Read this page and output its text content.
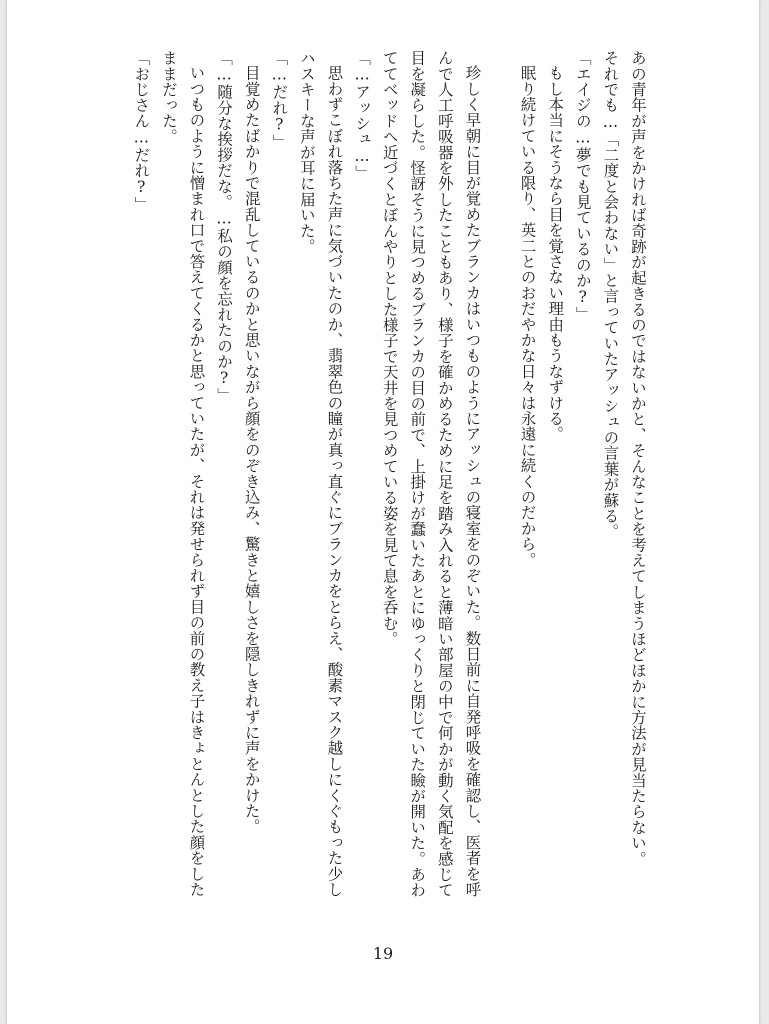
あの青年が声をかければ奇跡が起きるのではないかと、そんなことを考えてしまうほどほかに方法が見当たらない。

それでも…「二度と会わない」と言っていたアッシュの言葉が蘇る。

「エイジの…夢でも見ているのか?」

もし本当にそうなら目を覚さない理由もうなずける。

眠り続けている限り、英二とのおだやかな日々は永遠に続くのだから。

珍しく早朝に目が覚めたブランカはいつものようにアッシュの寝室をのぞいた。数日前に自発呼吸を確認し、医者を呼んで人工呼吸器を外したこともあり、様子を確かめるために足を踏み入れると薄暗い部屋の中で何かが動く気配を感じて目を凝らした。怪訝そうに見つめるブランカの目の前で、上掛けが蠢いたあとにゆっくりと閉じていた瞼が開いた。あわててベッドへ近づくとぼんやりとした様子で天井を見つめている姿を見て息を呑む。

「…アッシュ…」

思わずこぼれ落ちた声に気づいたのか、翡翠色の瞳が真っ直ぐにブランカをとらえ、酸素マスク越しにくぐもった少しハスキーな声が耳に届いた。

「…だれ?」

目覚めたばかりで混乱しているのかと思いながら顔をのぞき込み、驚きと嬉しさを隠しきれずに声をかけた。

「…随分な挨拶だな。…私の顔を忘れたのか?」

いつものように憎まれ口で答えてくるかと思っていたが、それは発せられず目の前の教え子はきょとんとした顔をしたままだった。

「おじさん…だれ?」

19
